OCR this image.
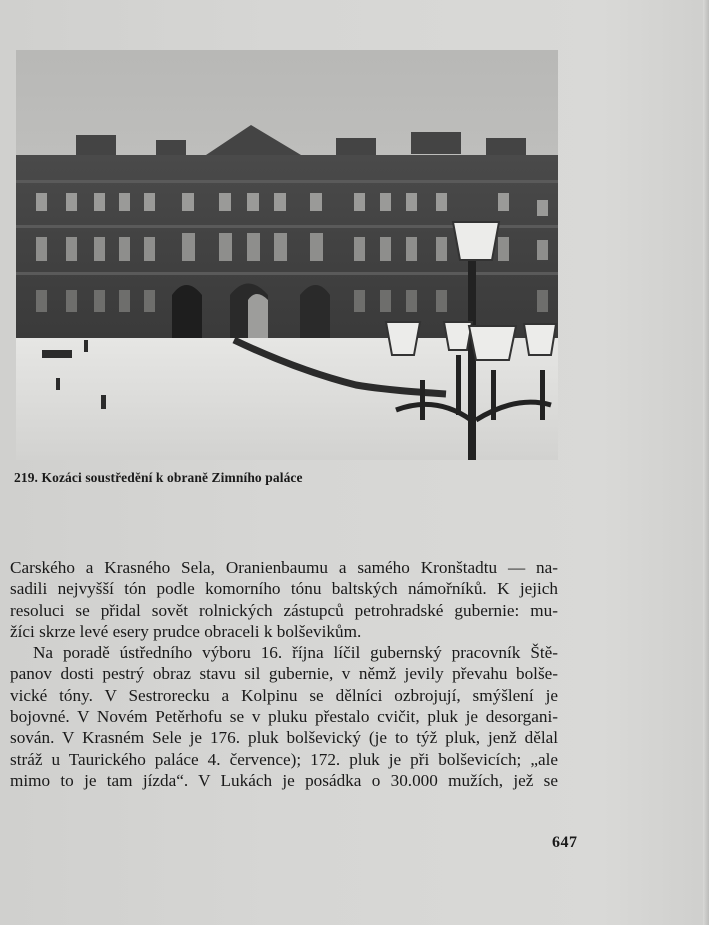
219. Kozáci soustředění k obraně Zimního paláce
Carského a Krasného Sela, Oranienbaumu a samého Kronštadtu — na-
sadili nejvyšší tón podle komorního tónu baltských námořníků. K jejich
resoluci se přidal sovět rolnických zástupců petrohradské gubernie: mu-
žíci skrze levé esery prudce obraceli k bolševikům.
Na poradě ústředního výboru 16. října líčil gubernský pracovník Ště-
panov dosti pestrý obraz stavu sil gubernie, v němž jevily převahu bolše-
vické tóny. V Sestrorecku a Kolpinu se dělníci ozbrojují, smýšlení je
bojovné. V Novém Petěrhofu se v pluku přestalo cvičit, pluk je desorgani-
sován. V Krasném Sele je 176. pluk bolševický (je to týž pluk, jenž dělal
stráž u Taurického paláce 4. července); 172. pluk je při bolševicích; „ale
mimo to je tam jízda“. V Lukách je posádka o 30.000 mužích, jež se
647
